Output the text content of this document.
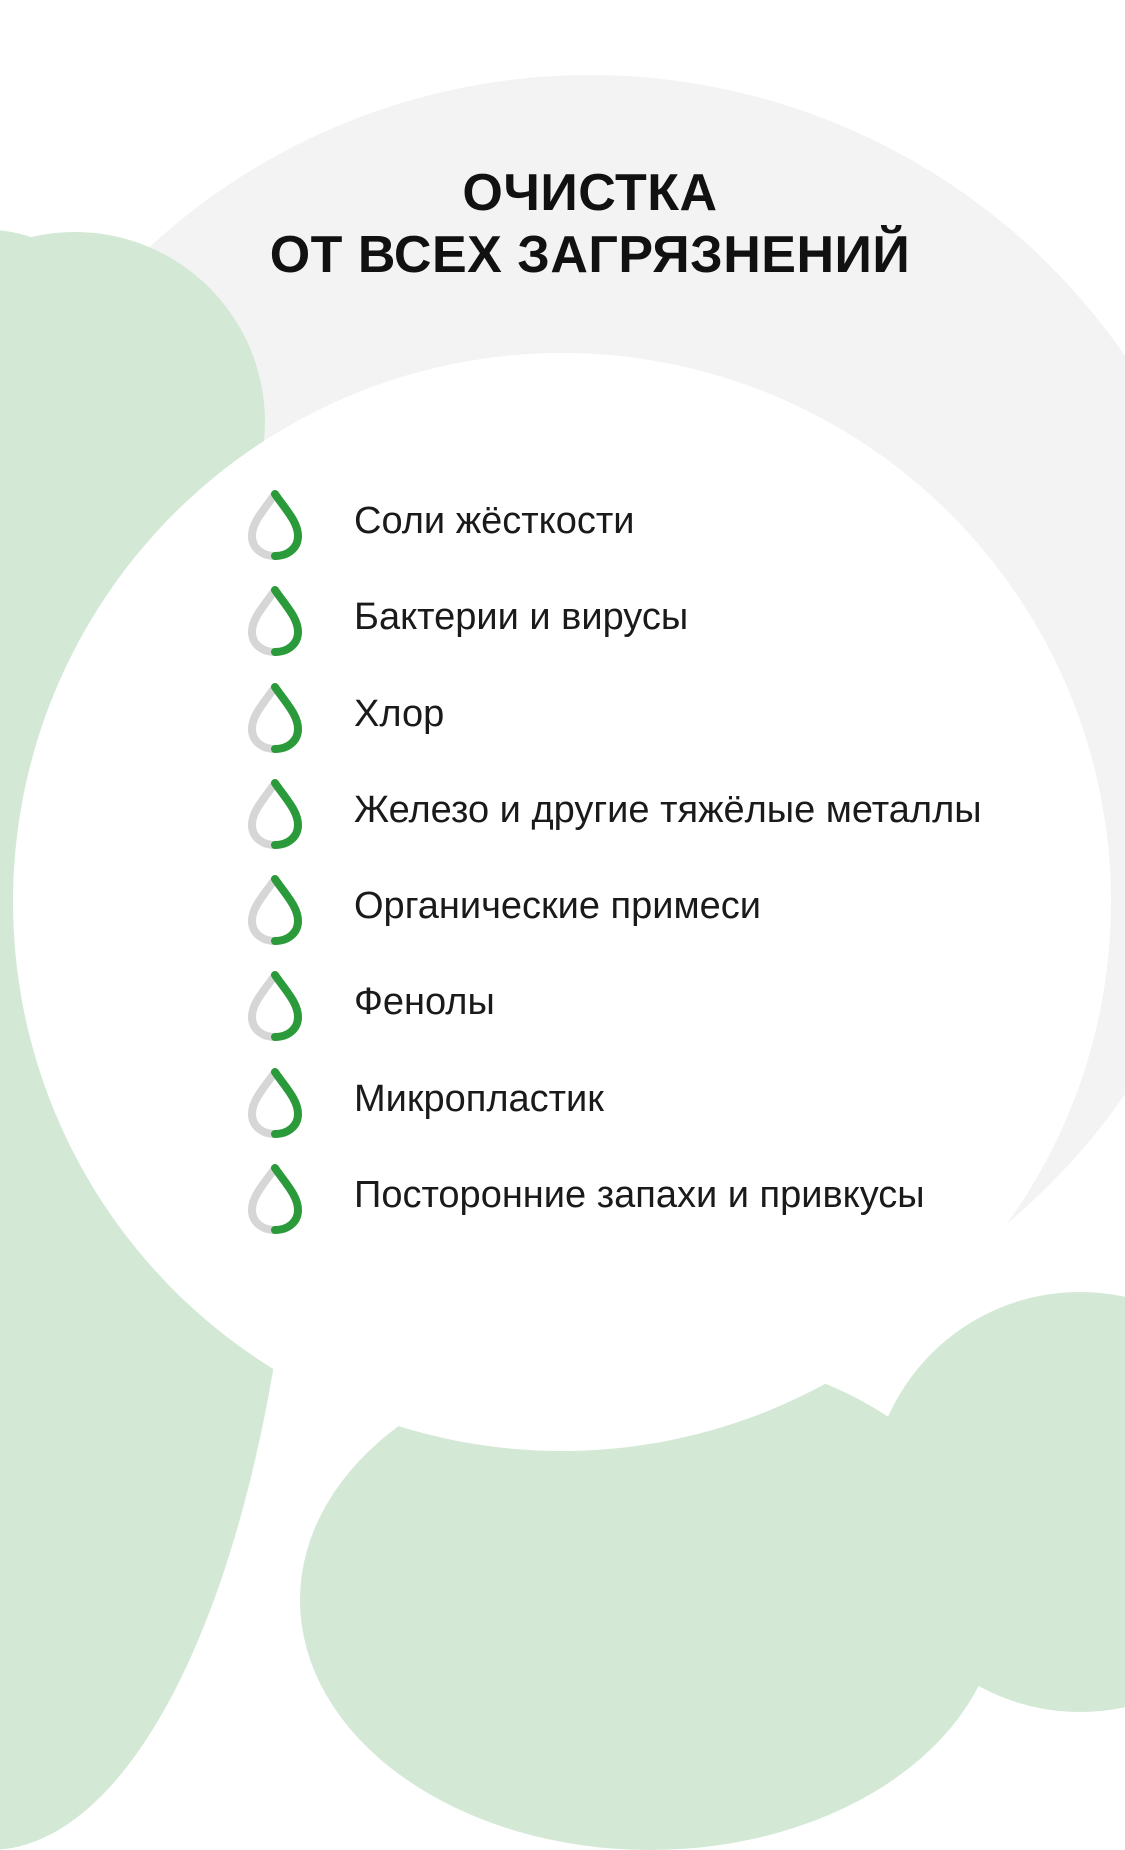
ОЧИСТКА
ОТ ВСЕХ ЗАГРЯЗНЕНИЙ
Соли жёсткости
Бактерии и вирусы
Хлор
Железо и другие тяжёлые металлы
Органические примеси
Фенолы
Микропластик
Посторонние запахи и привкусы
